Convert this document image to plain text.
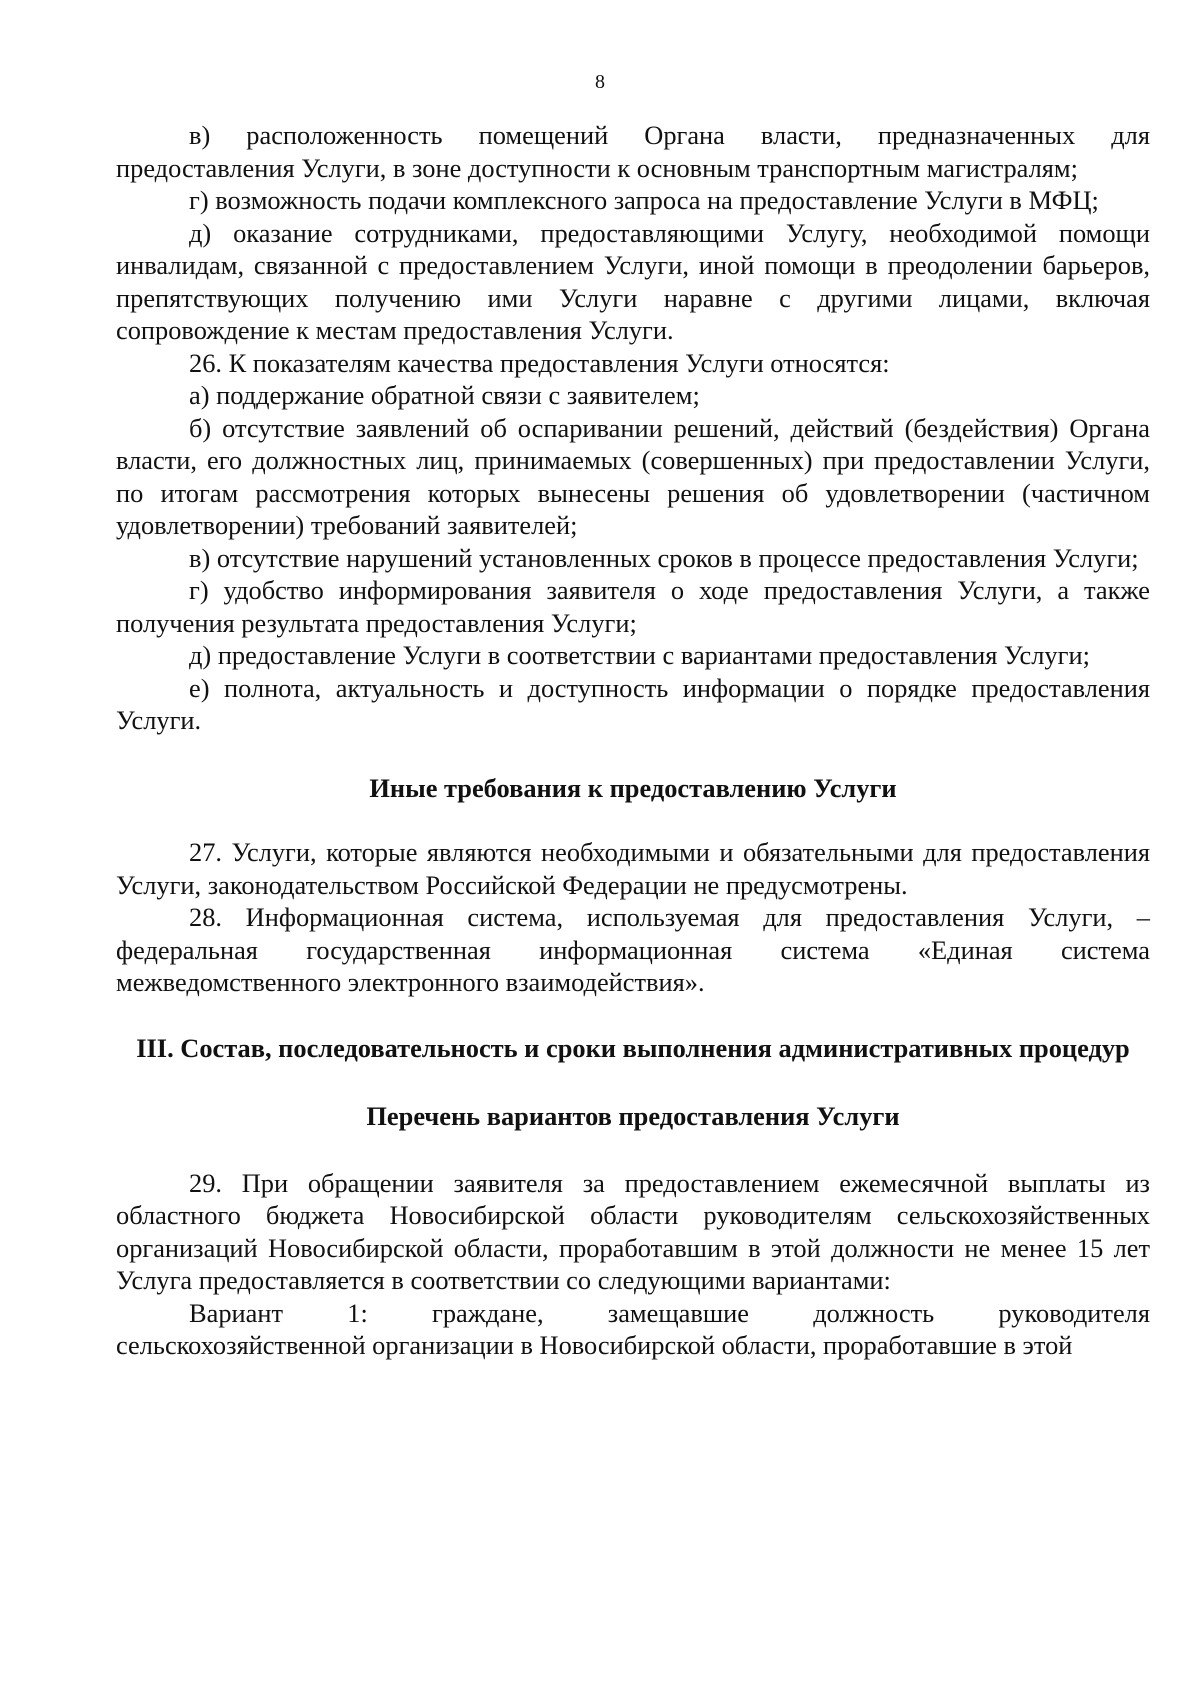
8

в) расположенность помещений Органа власти, предназначенных для предоставления Услуги, в зоне доступности к основным транспортным магистралям;

г) возможность подачи комплексного запроса на предоставление Услуги в МФЦ;

д) оказание сотрудниками, предоставляющими Услугу, необходимой помощи инвалидам, связанной с предоставлением Услуги, иной помощи в преодолении барьеров, препятствующих получению ими Услуги наравне с другими лицами, включая сопровождение к местам предоставления Услуги.

26. К показателям качества предоставления Услуги относятся:

а) поддержание обратной связи с заявителем;

б) отсутствие заявлений об оспаривании решений, действий (бездействия) Органа власти, его должностных лиц, принимаемых (совершенных) при предоставлении Услуги, по итогам рассмотрения которых вынесены решения об удовлетворении (частичном удовлетворении) требований заявителей;

в) отсутствие нарушений установленных сроков в процессе предоставления Услуги;

г) удобство информирования заявителя о ходе предоставления Услуги, а также получения результата предоставления Услуги;

д) предоставление Услуги в соответствии с вариантами предоставления Услуги;

е) полнота, актуальность и доступность информации о порядке предоставления Услуги.

Иные требования к предоставлению Услуги

27. Услуги, которые являются необходимыми и обязательными для предоставления Услуги, законодательством Российской Федерации не предусмотрены.

28. Информационная система, используемая для предоставления Услуги, – федеральная государственная информационная система «Единая система межведомственного электронного взаимодействия».

III. Состав, последовательность и сроки выполнения административных процедур
Перечень вариантов предоставления Услуги

29. При обращении заявителя за предоставлением ежемесячной выплаты из областного бюджета Новосибирской области руководителям сельскохозяйственных организаций Новосибирской области, проработавшим в этой должности не менее 15 лет Услуга предоставляется в соответствии со следующими вариантами:

Вариант 1: граждане, замещавшие должность руководителя

сельскохозяйственной организации в Новосибирской области, проработавшие в этой
